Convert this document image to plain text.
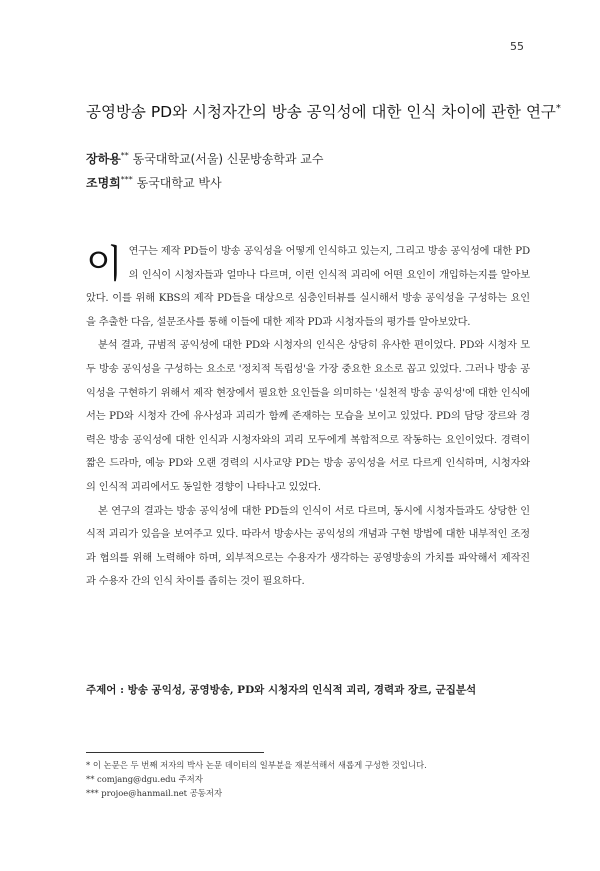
55
공영방송 PD와 시청자간의 방송 공익성에 대한 인식 차이에 관한 연구*
장하용** 동국대학교(서울) 신문방송학과 교수
조명희*** 동국대학교 박사

이 연구는 제작 PD들이 방송 공익성을 어떻게 인식하고 있는지, 그리고 방송 공익성에 대한 PD의 인식이 시청자들과 얼마나 다르며, 이런 인식적 괴리에 어떤 요인이 개입하는지를 알아보았다. 이를 위해 KBS의 제작 PD들을 대상으로 심층인터뷰를 실시해서 방송 공익성을 구성하는 요인을 추출한 다음, 설문조사를 통해 이들에 대한 제작 PD과 시청자들의 평가를 알아보았다.

분석 결과, 규범적 공익성에 대한 PD와 시청자의 인식은 상당히 유사한 편이었다. PD와 시청자 모두 방송 공익성을 구성하는 요소로 '정치적 독립성'을 가장 중요한 요소로 꼽고 있었다. 그러나 방송 공익성을 구현하기 위해서 제작 현장에서 필요한 요인들을 의미하는 '실천적 방송 공익성'에 대한 인식에서는 PD와 시청자 간에 유사성과 괴리가 함께 존재하는 모습을 보이고 있었다. PD의 담당 장르와 경력은 방송 공익성에 대한 인식과 시청자와의 괴리 모두에게 복합적으로 작동하는 요인이었다. 경력이 짧은 드라마, 예능 PD와 오랜 경력의 시사교양 PD는 방송 공익성을 서로 다르게 인식하며, 시청자와의 인식적 괴리에서도 동일한 경향이 나타나고 있었다.

본 연구의 결과는 방송 공익성에 대한 PD들의 인식이 서로 다르며, 동시에 시청자들과도 상당한 인식적 괴리가 있음을 보여주고 있다. 따라서 방송사는 공익성의 개념과 구현 방법에 대한 내부적인 조정과 협의를 위해 노력해야 하며, 외부적으로는 수용자가 생각하는 공영방송의 가치를 파악해서 제작진과 수용자 간의 인식 차이를 좁히는 것이 필요하다.

주제어 : 방송 공익성, 공영방송, PD와 시청자의 인식적 괴리, 경력과 장르, 군집분석
* 이 논문은 두 번째 저자의 박사 논문 데이터의 일부분을 재분석해서 새롭게 구성한 것입니다.
** comjang@dgu.edu 주저자
*** projoe@hanmail.net 공동저자
